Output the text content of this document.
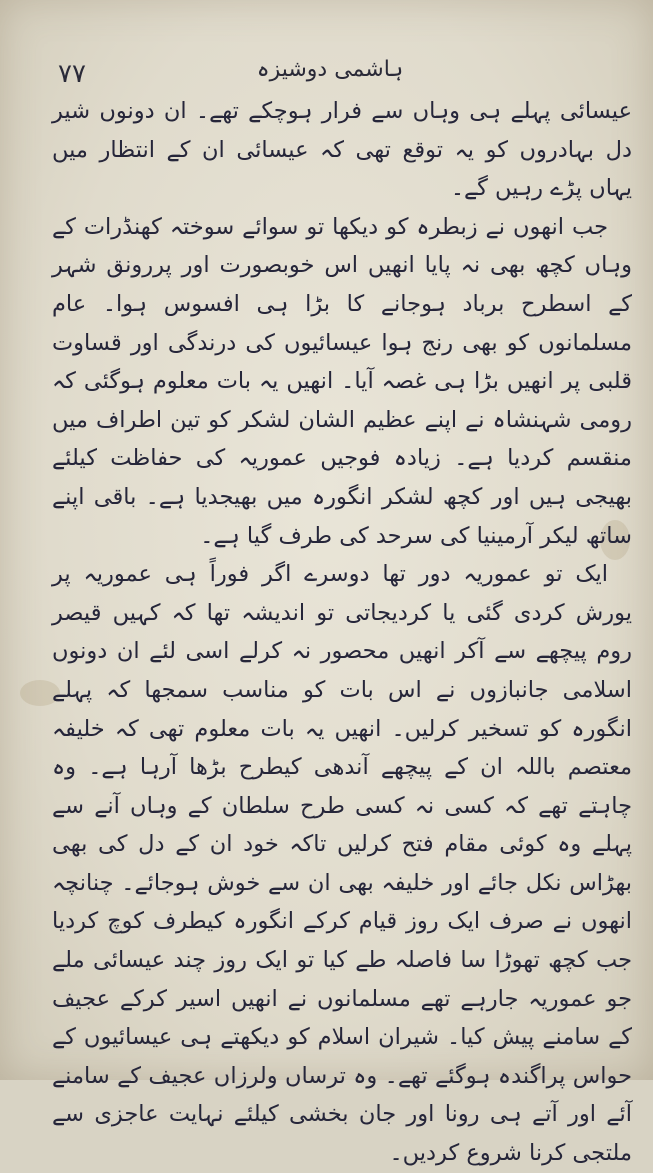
۷۷	ہاشمی دوشیزہ

عیسائی پہلے ہی وہاں سے فرار ہوچکے تھے۔ ان دونوں شیر دل بہادروں کو یہ توقع تھی کہ عیسائی ان کے انتظار میں یہاں پڑے رہیں گے۔

جب انھوں نے زبطرہ کو دیکھا تو سوائے سوختہ کھنڈرات کے وہاں کچھ بھی نہ پایا انھیں اس خوبصورت اور پررونق شہر کے اسطرح برباد ہوجانے کا بڑا ہی افسوس ہوا۔ عام مسلمانوں کو بھی رنج ہوا عیسائیوں کی درندگی اور قساوت قلبی پر انھیں بڑا ہی غصہ آیا۔ انھیں یہ بات معلوم ہوگئی کہ رومی شہنشاہ نے اپنے عظیم الشان لشکر کو تین اطراف میں منقسم کردیا ہے۔ زیادہ فوجیں عموریہ کی حفاظت کیلئے بھیجی ہیں اور کچھ لشکر انگورہ میں بھیجدیا ہے۔ باقی اپنے ساتھ لیکر آرمینیا کی سرحد کی طرف گیا ہے۔

ایک تو عموریہ دور تھا دوسرے اگر فوراً ہی عموریہ پر یورش کردی گئی یا کردیجاتی تو اندیشہ تھا کہ کہیں قیصر روم پیچھے سے آکر انھیں محصور نہ کرلے اسی لئے ان دونوں اسلامی جانبازوں نے اس بات کو مناسب سمجھا کہ پہلے انگورہ کو تسخیر کرلیں۔ انھیں یہ بات معلوم تھی کہ خلیفہ معتصم باللہ ان کے پیچھے آندھی کیطرح بڑھا آرہا ہے۔ وہ چاہتے تھے کہ کسی نہ کسی طرح سلطان کے وہاں آنے سے پہلے وہ کوئی مقام فتح کرلیں تاکہ خود ان کے دل کی بھی بھڑاس نکل جائے اور خلیفہ بھی ان سے خوش ہوجائے۔ چنانچہ انھوں نے صرف ایک روز قیام کرکے انگورہ کیطرف کوچ کردیا جب کچھ تھوڑا سا فاصلہ طے کیا تو ایک روز چند عیسائی ملے جو عموریہ جارہے تھے مسلمانوں نے انھیں اسیر کرکے عجیف کے سامنے پیش کیا۔ شیران اسلام کو دیکھتے ہی عیسائیوں کے حواس پراگندہ ہوگئے تھے۔ وہ ترساں ولرزاں عجیف کے سامنے آئے اور آتے ہی رونا اور جان بخشی کیلئے نہایت عاجزی سے ملتجی کرنا شروع کردیں۔
